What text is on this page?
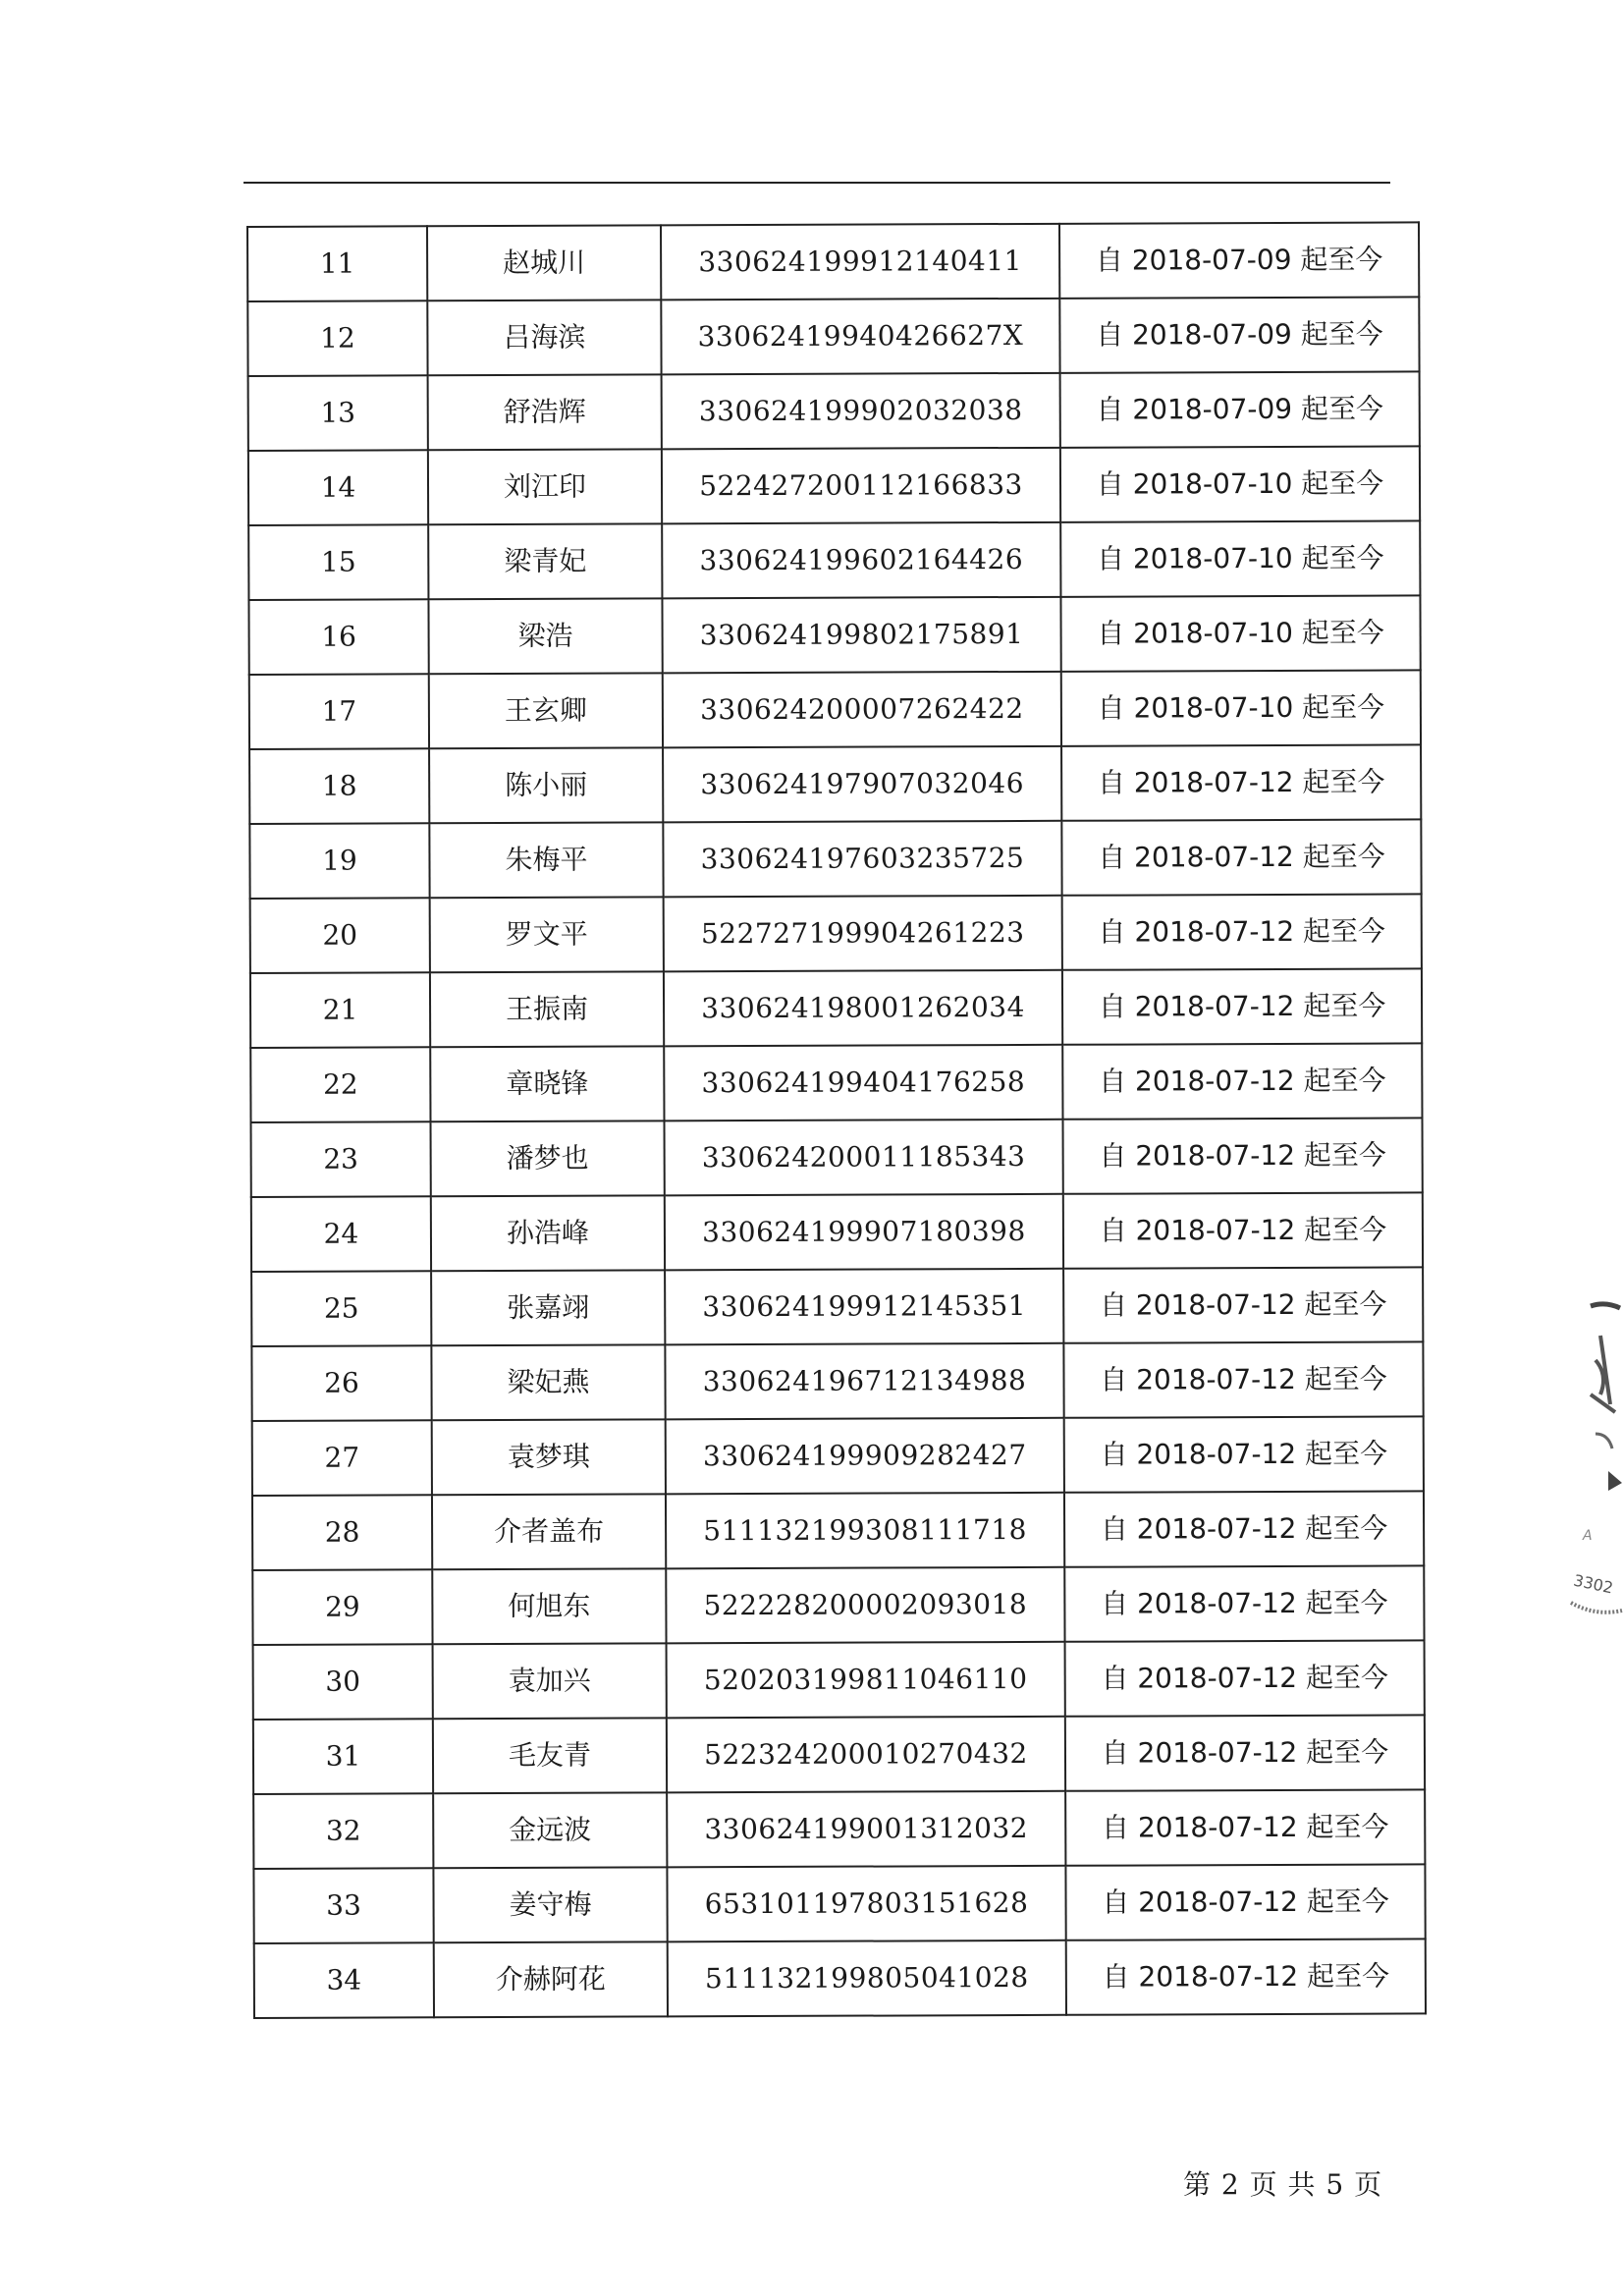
11	赵城川	330624199912140411	自 2018-07-09 起至今
12	吕海滨	33062419940426627X	自 2018-07-09 起至今
13	舒浩辉	330624199902032038	自 2018-07-09 起至今
14	刘江印	522427200112166833	自 2018-07-10 起至今
15	梁青妃	330624199602164426	自 2018-07-10 起至今
16	梁浩	330624199802175891	自 2018-07-10 起至今
17	王玄卿	330624200007262422	自 2018-07-10 起至今
18	陈小丽	330624197907032046	自 2018-07-12 起至今
19	朱梅平	330624197603235725	自 2018-07-12 起至今
20	罗文平	522727199904261223	自 2018-07-12 起至今
21	王振南	330624198001262034	自 2018-07-12 起至今
22	章晓锋	330624199404176258	自 2018-07-12 起至今
23	潘梦也	330624200011185343	自 2018-07-12 起至今
24	孙浩峰	330624199907180398	自 2018-07-12 起至今
25	张嘉翊	330624199912145351	自 2018-07-12 起至今
26	梁妃燕	330624196712134988	自 2018-07-12 起至今
27	袁梦琪	330624199909282427	自 2018-07-12 起至今
28	介者盖布	511132199308111718	自 2018-07-12 起至今
29	何旭东	522228200002093018	自 2018-07-12 起至今
30	袁加兴	520203199811046110	自 2018-07-12 起至今
31	毛友青	522324200010270432	自 2018-07-12 起至今
32	金远波	330624199001312032	自 2018-07-12 起至今
33	姜守梅	653101197803151628	自 2018-07-12 起至今
34	介赫阿花	511132199805041028	自 2018-07-12 起至今
第 2 页 共 5 页
A
3302
